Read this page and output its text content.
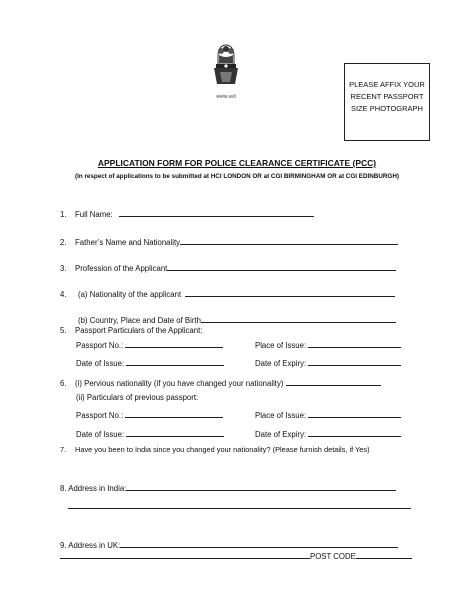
सत्यमेव जयते
PLEASE AFFIX YOUR
RECENT PASSPORT
SIZE PHOTOGRAPH
APPLICATION FORM FOR POLICE CLEARANCE CERTIFICATE (PCC)
(In respect of applications to be submitted at HCI LONDON OR at CGI BIRMINGHAM OR at CGI EDINBURGH)
1. Full Name:
2. Father’s Name and Nationality
3. Profession of the Applicant
4. (a) Nationality of the applicant
(b) Country, Place and Date of Birth
5. Passport Particulars of the Applicant:
Passport No.:	Place of Issue:
Date of Issue:	Date of Expiry:
6. (i) Pervious nationality (if you have changed your nationality)
(ii) Particulars of previous passport:
Passport No.:	Place of Issue:
Date of Issue:	Date of Expiry:
7. Have you been to India since you changed your nationality? (Please furnish details, if Yes)
8. Address in India:
9. Address in UK:
POST CODE
